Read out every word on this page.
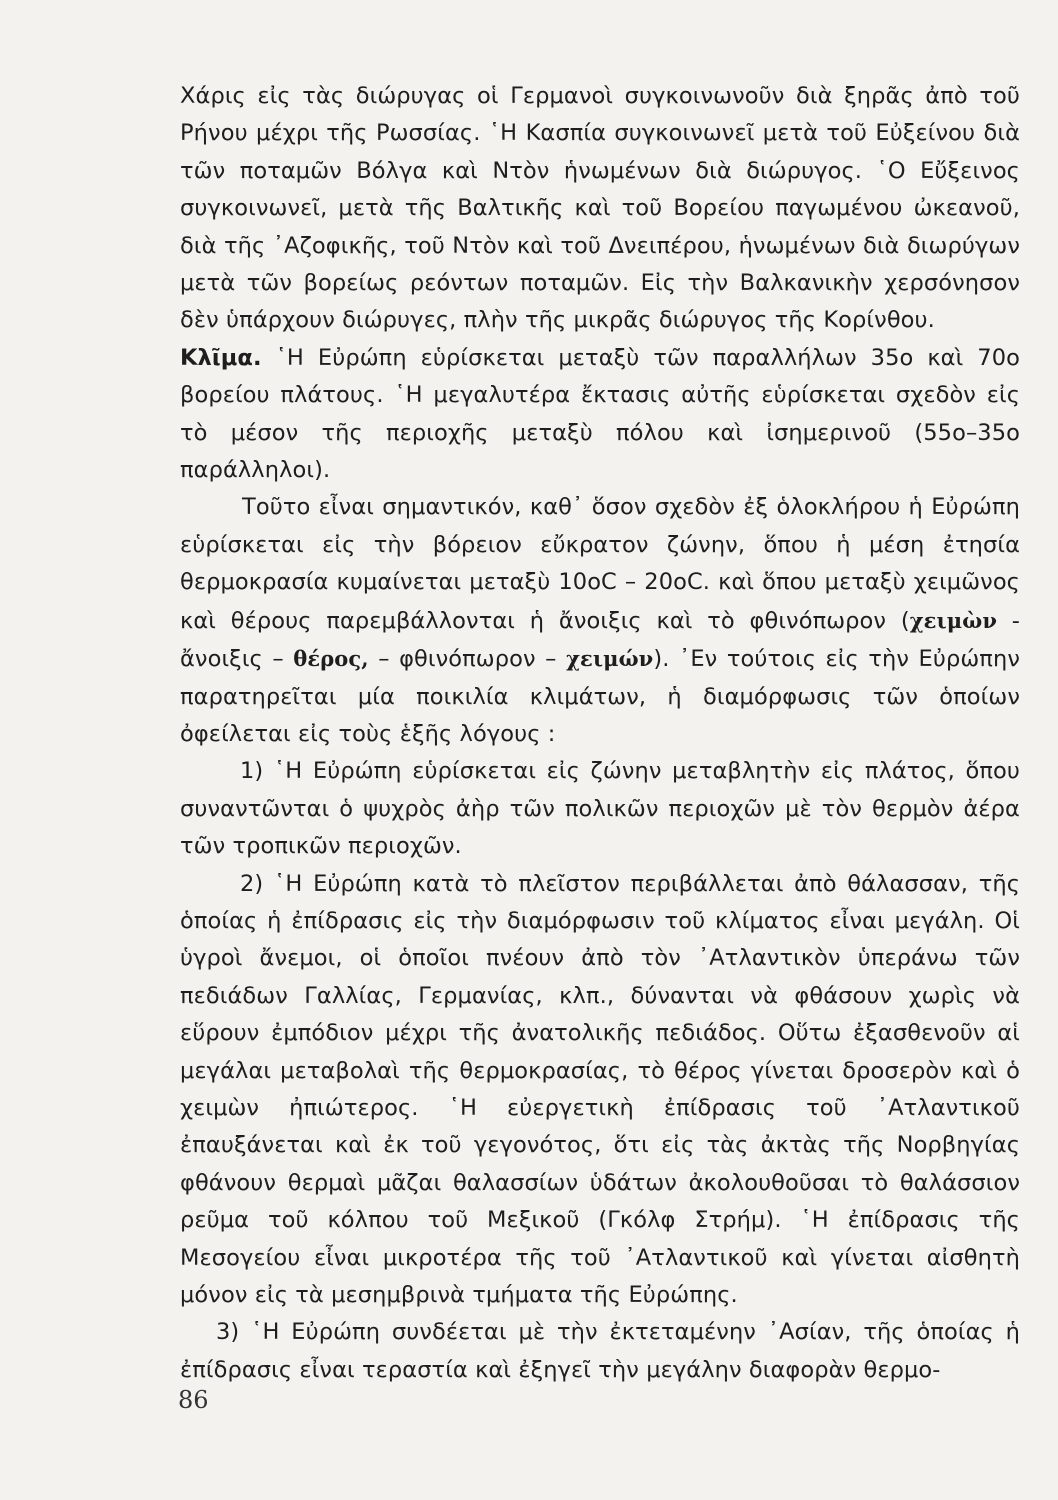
Χάρις εἰς τὰς διώρυγας οἱ Γερμανοὶ συγκοινωνοῦν διὰ ξηρᾶς ἀπὸ τοῦ Ρήνου μέχρι τῆς Ρωσσίας. ῾Η Κασπία συγκοινωνεῖ μετὰ τοῦ Εὐξείνου διὰ τῶν ποταμῶν Βόλγα καὶ Ντὸν ἡνωμένων διὰ διώρυγος. ῾Ο Εὔξεινος συγκοινωνεῖ, μετὰ τῆς Βαλτικῆς καὶ τοῦ Βορείου παγωμένου ὠκεανοῦ, διὰ τῆς ᾽Αζοφικῆς, τοῦ Ντὸν καὶ τοῦ Δνειπέρου, ἡνωμένων διὰ διωρύγων μετὰ τῶν βορείως ρεόντων ποταμῶν. Εἰς τὴν Βαλκανικὴν χερσόνησον δὲν ὑπάρχουν διώρυγες, πλὴν τῆς μικρᾶς διώρυγος τῆς Κορίνθου.

Κλῖμα. ῾Η Εὐρώπη εὑρίσκεται μεταξὺ τῶν παραλλήλων 35ο καὶ 70ο βορείου πλάτους. ῾Η μεγαλυτέρα ἔκτασις αὐτῆς εὑρίσκεται σχεδὸν εἰς τὸ μέσον τῆς περιοχῆς μεταξὺ πόλου καὶ ἰσημερινοῦ (55ο–35ο παράλληλοι).

Τοῦτο εἶναι σημαντικόν, καθ᾽ ὅσον σχεδὸν ἐξ ὁλοκλήρου ἡ Εὐρώπη εὑρίσκεται εἰς τὴν βόρειον εὔκρατον ζώνην, ὅπου ἡ μέση ἐτησία θερμοκρασία κυμαίνεται μεταξὺ 10οC – 20οC. καὶ ὅπου μεταξὺ χειμῶνος καὶ θέρους παρεμβάλλονται ἡ ἄνοιξις καὶ τὸ φθινόπωρον (χειμὼν - ἄνοιξις – θέρος, – φθινόπωρον – χειμών). ᾽Εν τούτοις εἰς τὴν Εὐρώπην παρατηρεῖται μία ποικιλία κλιμάτων, ἡ διαμόρφωσις τῶν ὁποίων ὀφείλεται εἰς τοὺς ἑξῆς λόγους :

1) ῾Η Εὐρώπη εὑρίσκεται εἰς ζώνην μεταβλητὴν εἰς πλάτος, ὅπου συναντῶνται ὁ ψυχρὸς ἀὴρ τῶν πολικῶν περιοχῶν μὲ τὸν θερμὸν ἀέρα τῶν τροπικῶν περιοχῶν.

2) ῾Η Εὐρώπη κατὰ τὸ πλεῖστον περιβάλλεται ἀπὸ θάλασσαν, τῆς ὁποίας ἡ ἐπίδρασις εἰς τὴν διαμόρφωσιν τοῦ κλίματος εἶναι μεγάλη. Οἱ ὑγροὶ ἄνεμοι, οἱ ὁποῖοι πνέουν ἀπὸ τὸν ᾽Ατλαντικὸν ὑπεράνω τῶν πεδιάδων Γαλλίας, Γερμανίας, κλπ., δύνανται νὰ φθάσουν χωρὶς νὰ εὕρουν ἐμπόδιον μέχρι τῆς ἀνατολικῆς πεδιάδος. Οὕτω ἐξασθενοῦν αἱ μεγάλαι μεταβολαὶ τῆς θερμοκρασίας, τὸ θέρος γίνεται δροσερὸν καὶ ὁ χειμὼν ἠπιώτερος. ῾Η εὐεργετικὴ ἐπίδρασις τοῦ ᾽Ατλαντικοῦ ἐπαυξάνεται καὶ ἐκ τοῦ γεγονότος, ὅτι εἰς τὰς ἀκτὰς τῆς Νορβηγίας φθάνουν θερμαὶ μᾶζαι θαλασσίων ὑδάτων ἀκολουθοῦσαι τὸ θαλάσσιον ρεῦμα τοῦ κόλπου τοῦ Μεξικοῦ (Γκόλφ Στρήμ). ῾Η ἐπίδρασις τῆς Μεσογείου εἶναι μικροτέρα τῆς τοῦ ᾽Ατλαντικοῦ καὶ γίνεται αἰσθητὴ μόνον εἰς τὰ μεσημβρινὰ τμήματα τῆς Εὐρώπης.

3) ῾Η Εὐρώπη συνδέεται μὲ τὴν ἐκτεταμένην ᾽Ασίαν, τῆς ὁποίας ἡ ἐπίδρασις εἶναι τεραστία καὶ ἐξηγεῖ τὴν μεγάλην διαφορὰν θερμο-

86
